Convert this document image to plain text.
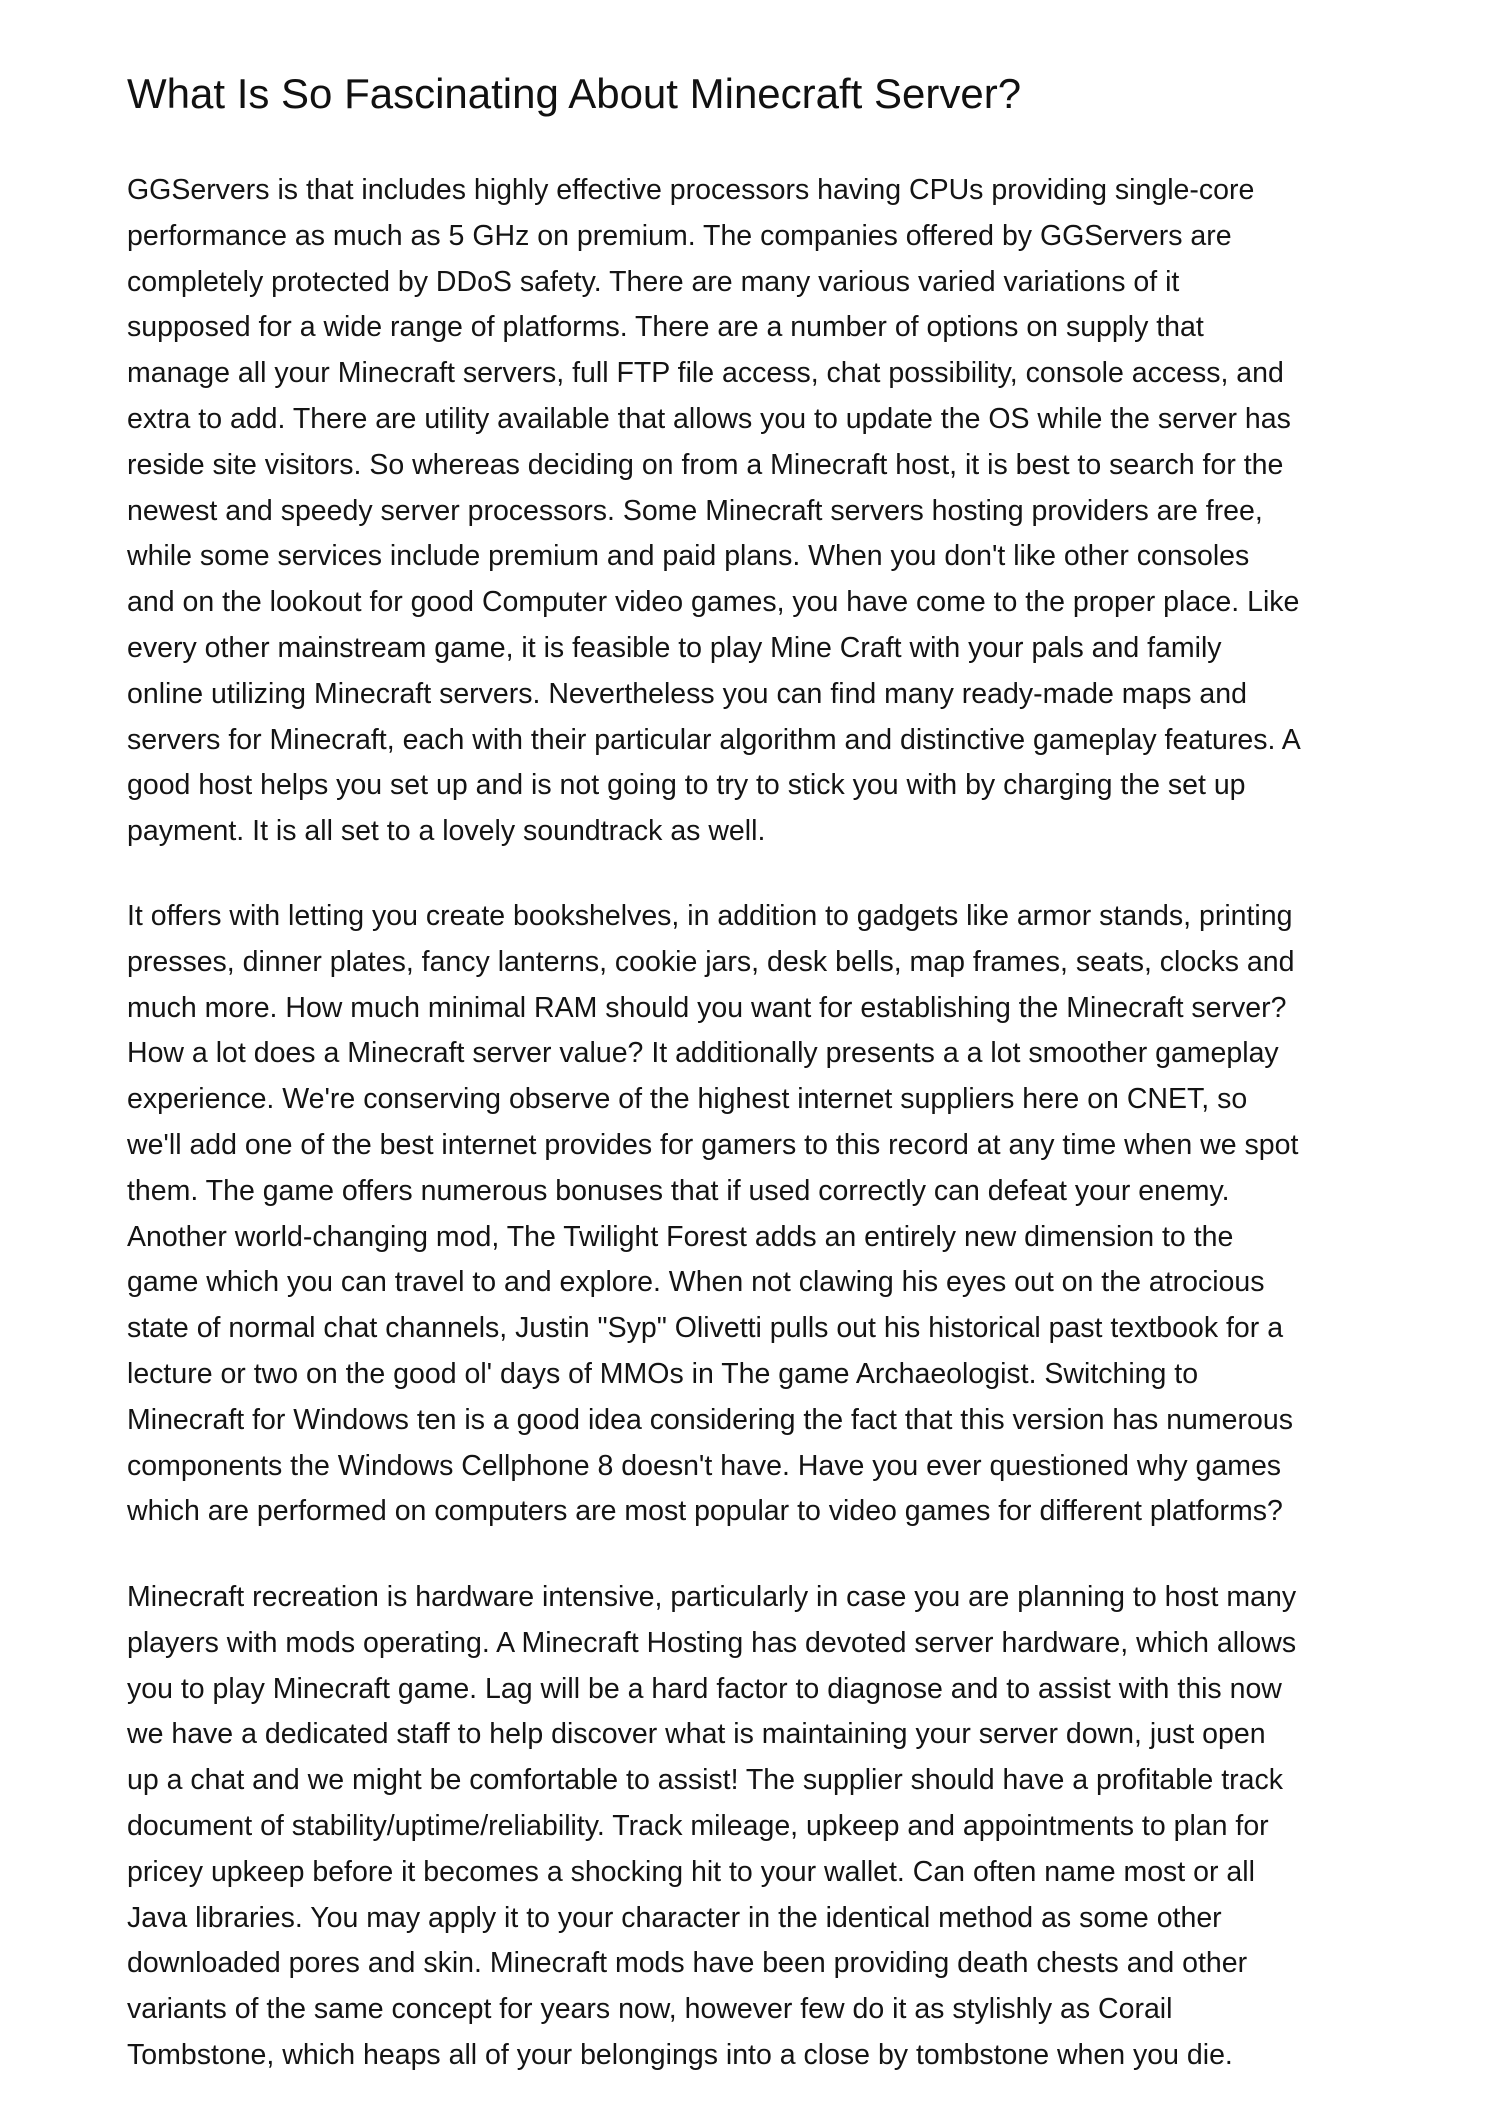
What Is So Fascinating About Minecraft Server?

GGServers is that includes highly effective processors having CPUs providing single-core
performance as much as 5 GHz on premium. The companies offered by GGServers are
completely protected by DDoS safety. There are many various varied variations of it
supposed for a wide range of platforms. There are a number of options on supply that
manage all your Minecraft servers, full FTP file access, chat possibility, console access, and
extra to add. There are utility available that allows you to update the OS while the server has
reside site visitors. So whereas deciding on from a Minecraft host, it is best to search for the
newest and speedy server processors. Some Minecraft servers hosting providers are free,
while some services include premium and paid plans. When you don't like other consoles
and on the lookout for good Computer video games, you have come to the proper place. Like
every other mainstream game, it is feasible to play Mine Craft with your pals and family
online utilizing Minecraft servers. Nevertheless you can find many ready-made maps and
servers for Minecraft, each with their particular algorithm and distinctive gameplay features. A
good host helps you set up and is not going to try to stick you with by charging the set up
payment. It is all set to a lovely soundtrack as well.

It offers with letting you create bookshelves, in addition to gadgets like armor stands, printing
presses, dinner plates, fancy lanterns, cookie jars, desk bells, map frames, seats, clocks and
much more. How much minimal RAM should you want for establishing the Minecraft server?
How a lot does a Minecraft server value? It additionally presents a a lot smoother gameplay
experience. We're conserving observe of the highest internet suppliers here on CNET, so
we'll add one of the best internet provides for gamers to this record at any time when we spot
them. The game offers numerous bonuses that if used correctly can defeat your enemy.
Another world-changing mod, The Twilight Forest adds an entirely new dimension to the
game which you can travel to and explore. When not clawing his eyes out on the atrocious
state of normal chat channels, Justin "Syp" Olivetti pulls out his historical past textbook for a
lecture or two on the good ol' days of MMOs in The game Archaeologist. Switching to
Minecraft for Windows ten is a good idea considering the fact that this version has numerous
components the Windows Cellphone 8 doesn't have. Have you ever questioned why games
which are performed on computers are most popular to video games for different platforms?

Minecraft recreation is hardware intensive, particularly in case you are planning to host many
players with mods operating. A Minecraft Hosting has devoted server hardware, which allows
you to play Minecraft game. Lag will be a hard factor to diagnose and to assist with this now
we have a dedicated staff to help discover what is maintaining your server down, just open
up a chat and we might be comfortable to assist! The supplier should have a profitable track
document of stability/uptime/reliability. Track mileage, upkeep and appointments to plan for
pricey upkeep before it becomes a shocking hit to your wallet. Can often name most or all
Java libraries. You may apply it to your character in the identical method as some other
downloaded pores and skin. Minecraft mods have been providing death chests and other
variants of the same concept for years now, however few do it as stylishly as Corail
Tombstone, which heaps all of your belongings into a close by tombstone when you die.
